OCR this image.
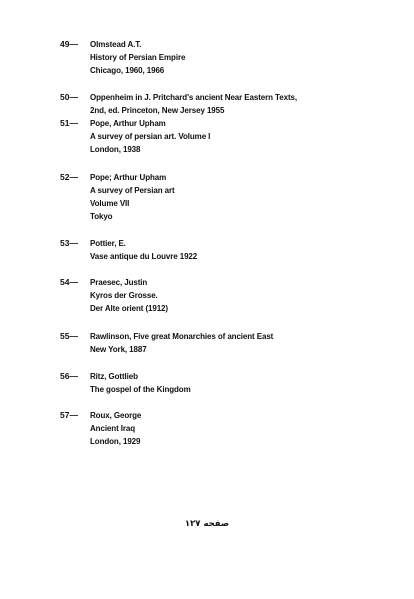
49—	Olmstead A.T.
History of Persian Empire
Chicago, 1960, 1966
50—	Oppenheim in J. Pritchard's ancient Near Eastern Texts,
2nd, ed. Princeton, New Jersey 1955
51—	Pope, Arthur Upham
A survey of persian art. Volume I
London, 1938
52—	Pope; Arthur Upham
A survey of Persian art
Volume VII
Tokyo
53—	Pottier, E.
Vase antique du Louvre 1922
54—	Praesec, Justin
Kyros der Grosse.
Der Alte orient (1912)
55—	Rawlinson, Five great Monarchies of ancient East
New York, 1887
56—	Ritz, Gottlieb
The gospel of the Kingdom
57—	Roux, George
Ancient Iraq
London, 1929
صفحه ۱۲۷
